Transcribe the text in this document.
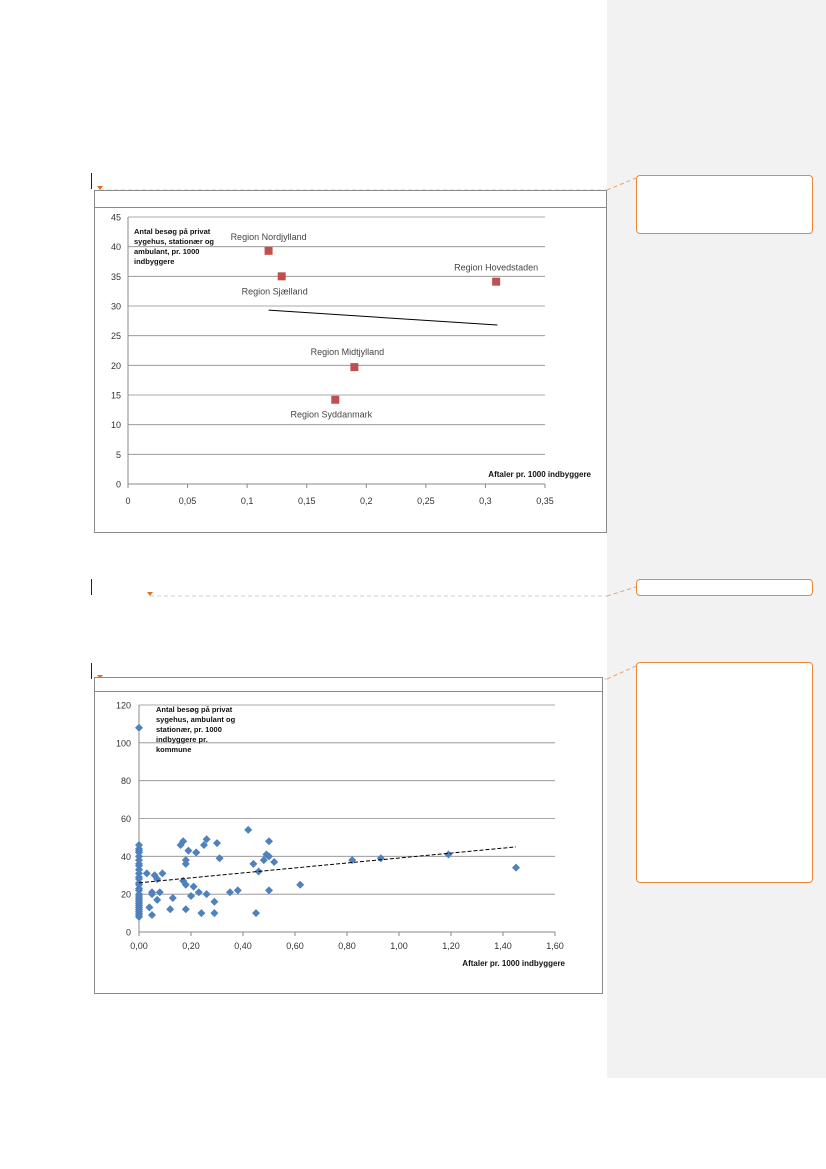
0
5
10
15
20
25
30
35
40
45
0	0,05	0,1	0,15	0,2	0,25	0,3	0,35
Antal besøg på privat
sygehus, stationær og
ambulant, pr. 1000
indbyggere
Aftaler pr. 1000 indbyggere
Region Nordjylland
Region Sjælland
Region Hovedstaden
Region Midtjylland
Region Syddanmark
0
20
40
60
80
100
120
0,00	0,20	0,40	0,60	0,80	1,00	1,20	1,40	1,60
Antal besøg på privat
sygehus, ambulant og
stationær, pr. 1000
indbyggere pr.
kommune
Aftaler pr. 1000 indbyggere
